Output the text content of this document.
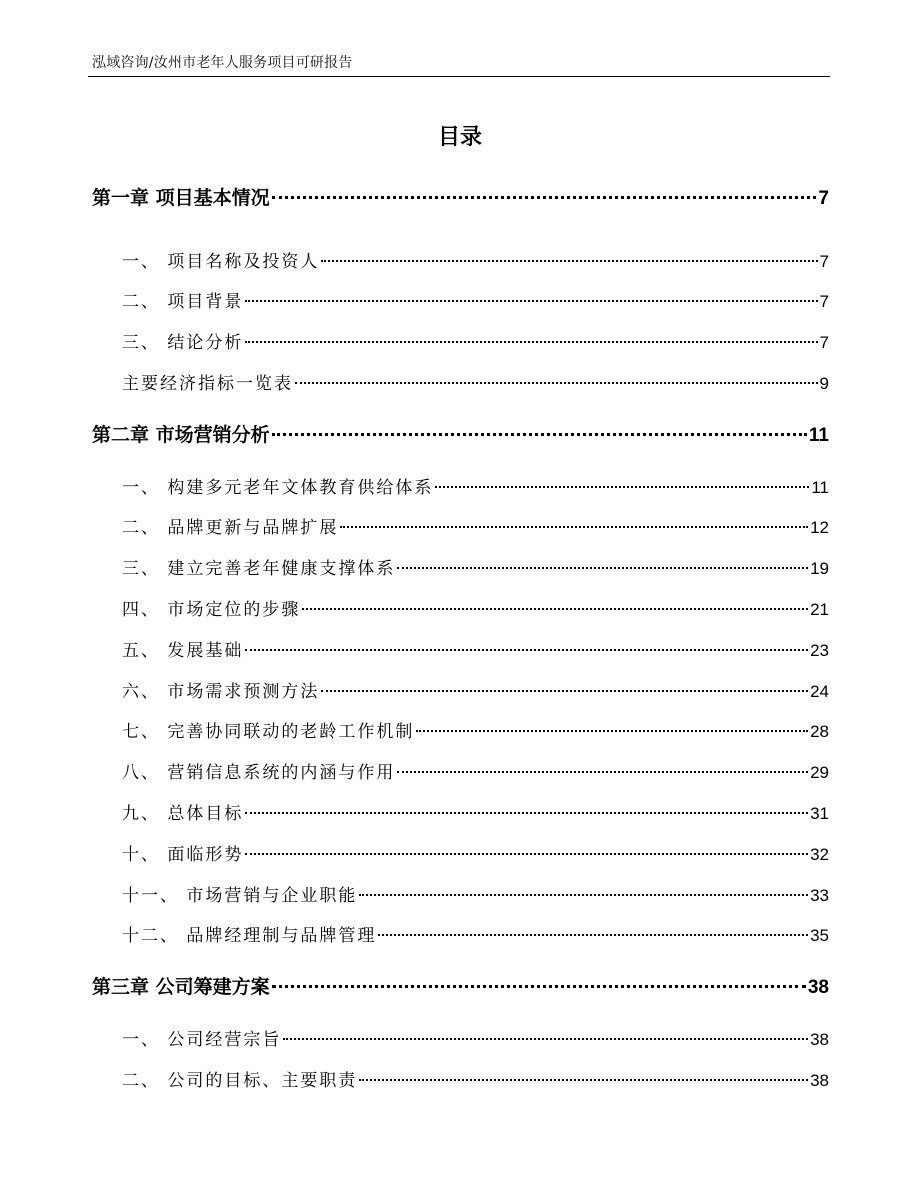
泓域咨询/汝州市老年人服务项目可研报告
目录
第一章 项目基本情况	7
一、 项目名称及投资人	7
二、 项目背景	7
三、 结论分析	7
主要经济指标一览表	9
第二章 市场营销分析	11
一、 构建多元老年文体教育供给体系	11
二、 品牌更新与品牌扩展	12
三、 建立完善老年健康支撑体系	19
四、 市场定位的步骤	21
五、 发展基础	23
六、 市场需求预测方法	24
七、 完善协同联动的老龄工作机制	28
八、 营销信息系统的内涵与作用	29
九、 总体目标	31
十、 面临形势	32
十一、 市场营销与企业职能	33
十二、 品牌经理制与品牌管理	35
第三章 公司筹建方案	38
一、 公司经营宗旨	38
二、 公司的目标、主要职责	38
